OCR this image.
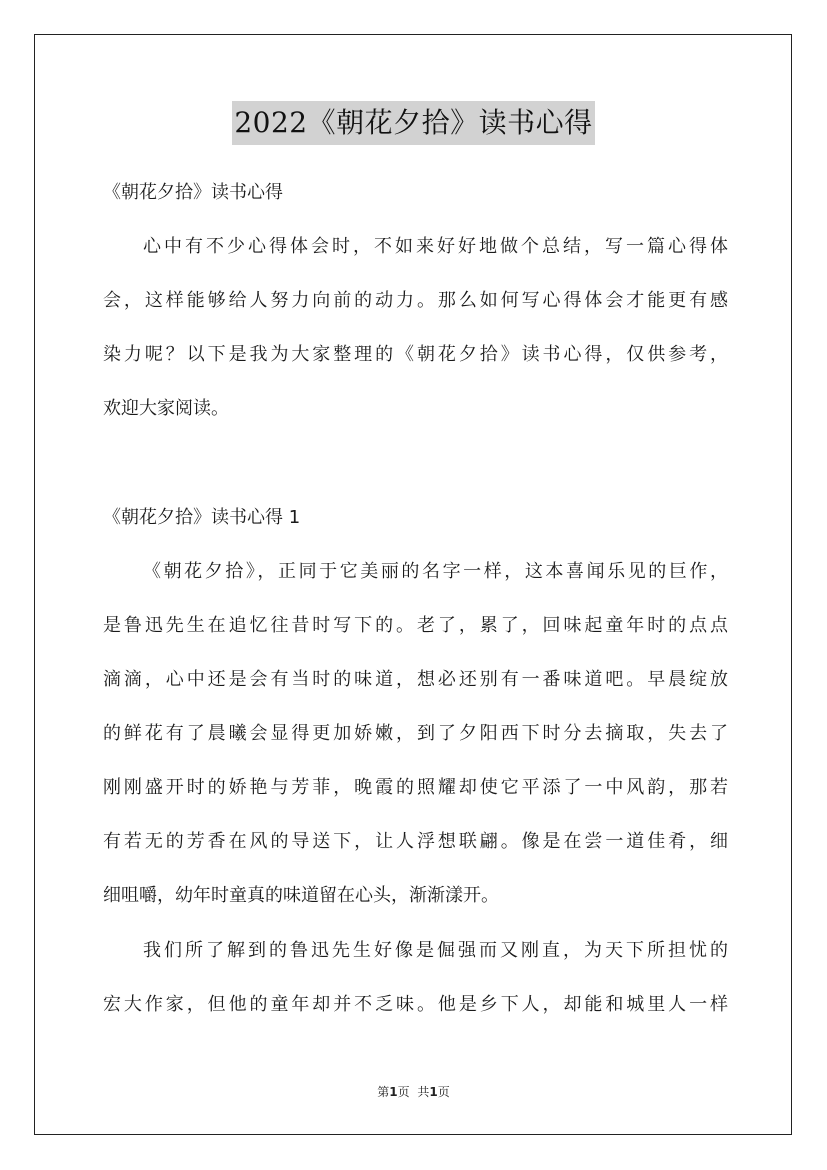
2022《朝花夕拾》读书心得
《朝花夕拾》读书心得
心中有不少心得体会时，不如来好好地做个总结，写一篇心得体
会，这样能够给人努力向前的动力。那么如何写心得体会才能更有感
染力呢？以下是我为大家整理的《朝花夕拾》读书心得，仅供参考，
欢迎大家阅读。
《朝花夕拾》读书心得 1
《朝花夕拾》，正同于它美丽的名字一样，这本喜闻乐见的巨作，
是鲁迅先生在追忆往昔时写下的。老了，累了，回味起童年时的点点
滴滴，心中还是会有当时的味道，想必还别有一番味道吧。早晨绽放
的鲜花有了晨曦会显得更加娇嫩，到了夕阳西下时分去摘取，失去了
刚刚盛开时的娇艳与芳菲，晚霞的照耀却使它平添了一中风韵，那若
有若无的芳香在风的导送下，让人浮想联翩。像是在尝一道佳肴，细
细咀嚼，幼年时童真的味道留在心头，渐渐漾开。
我们所了解到的鲁迅先生好像是倔强而又刚直，为天下所担忧的
宏大作家，但他的童年却并不乏味。他是乡下人，却能和城里人一样
第1页 共1页
